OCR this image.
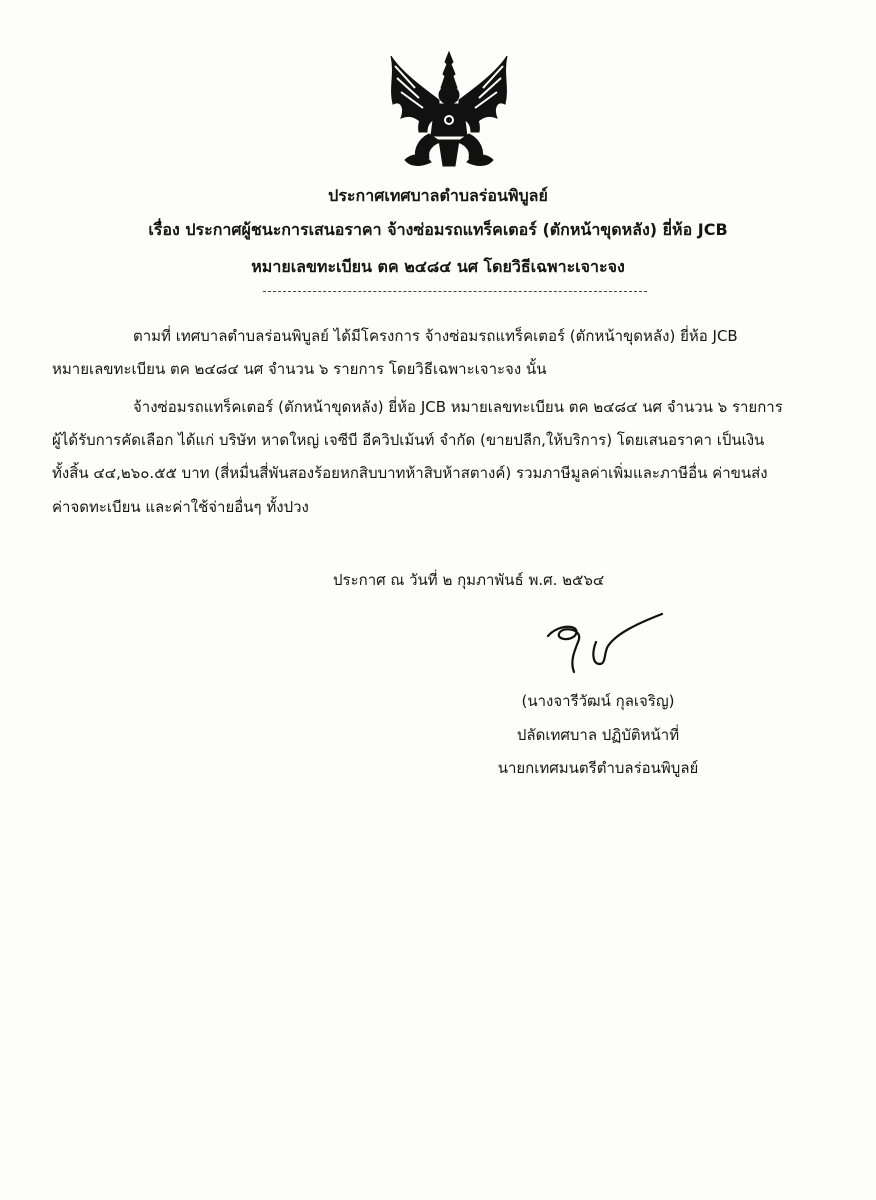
ประกาศเทศบาลตำบลร่อนพิบูลย์
เรื่อง ประกาศผู้ชนะการเสนอราคา จ้างซ่อมรถแทร็คเตอร์ (ตักหน้าขุดหลัง) ยี่ห้อ JCB
หมายเลขทะเบียน ตค ๒๔๘๔ นศ โดยวิธีเฉพาะเจาะจง
ตามที่ เทศบาลตำบลร่อนพิบูลย์ ได้มีโครงการ จ้างซ่อมรถแทร็คเตอร์ (ตักหน้าขุดหลัง) ยี่ห้อ JCB
หมายเลขทะเบียน ตค ๒๔๘๔ นศ จำนวน ๖ รายการ โดยวิธีเฉพาะเจาะจง นั้น
จ้างซ่อมรถแทร็คเตอร์ (ตักหน้าขุดหลัง) ยี่ห้อ JCB หมายเลขทะเบียน ตค ๒๔๘๔ นศ จำนวน ๖ รายการ
ผู้ได้รับการคัดเลือก ได้แก่ บริษัท หาดใหญ่ เจซีบี อีควิปเม้นท์ จำกัด (ขายปลีก,ให้บริการ) โดยเสนอราคา เป็นเงิน
ทั้งสิ้น ๔๔,๒๖๐.๕๕ บาท (สี่หมื่นสี่พันสองร้อยหกสิบบาทห้าสิบห้าสตางค์) รวมภาษีมูลค่าเพิ่มและภาษีอื่น ค่าขนส่ง
ค่าจดทะเบียน และค่าใช้จ่ายอื่นๆ ทั้งปวง
ประกาศ ณ วันที่ ๒ กุมภาพันธ์ พ.ศ. ๒๕๖๔
(นางจารีวัฒน์ กุลเจริญ)
ปลัดเทศบาล ปฏิบัติหน้าที่
นายกเทศมนตรีตำบลร่อนพิบูลย์
